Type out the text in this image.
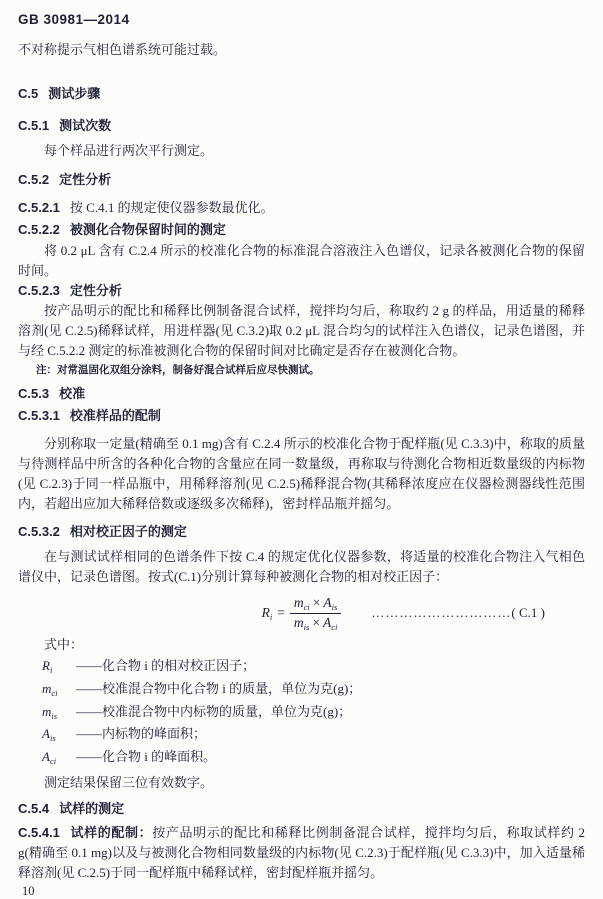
GB 30981—2014

不对称提示气相色谱系统可能过载。

C.5 测试步骤
C.5.1 测试次数

每个样品进行两次平行测定。

C.5.2 定性分析

C.5.2.1 按 C.4.1 的规定使仪器参数最优化。

C.5.2.2 被测化合物保留时间的测定

将 0.2 μL 含有 C.2.4 所示的校准化合物的标准混合溶液注入色谱仪，记录各被测化合物的保留时间。

C.5.2.3 定性分析

按产品明示的配比和稀释比例制备混合试样，搅拌均匀后，称取约 2 g 的样品，用适量的稀释溶剂(见 C.2.5)稀释试样，用进样器(见 C.3.2)取 0.2 μL 混合均匀的试样注入色谱仪，记录色谱图，并与经 C.5.2.2 测定的标准被测化合物的保留时间对比确定是否存在被测化合物。

注：对常温固化双组分涂料，制备好混合试样后应尽快测试。
C.5.3 校准
C.5.3.1 校准样品的配制

分别称取一定量(精确至 0.1 mg)含有 C.2.4 所示的校准化合物于配样瓶(见 C.3.3)中，称取的质量与待测样品中所含的各种化合物的含量应在同一数量级，再称取与待测化合物相近数量级的内标物(见 C.2.3)于同一样品瓶中，用稀释溶剂(见 C.2.5)稀释混合物(其稀释浓度应在仪器检测器线性范围内，若超出应加大稀释倍数或逐级多次稀释)，密封样品瓶并摇匀。

C.5.3.2 相对校正因子的测定

在与测试试样相同的色谱条件下按 C.4 的规定优化仪器参数，将适量的校准化合物注入气相色谱仪中，记录色谱图。按式(C.1)分别计算每种被测化合物的相对校正因子：

$R_i = \frac{m_{ci} \times A_{is}}{m_{is} \times A_{ci}}$ …………………………( C.1 )

式中：

$R_i$	——化合物 i 的相对校正因子；
$m_{ci}$	——校准混合物中化合物 i 的质量，单位为克(g)；
$m_{is}$	——校准混合物中内标物的质量，单位为克(g)；
$A_{is}$	——内标物的峰面积；
$A_{ci}$	——化合物 i 的峰面积。

测定结果保留三位有效数字。

C.5.4 试样的测定

C.5.4.1 试样的配制：按产品明示的配比和稀释比例制备混合试样，搅拌均匀后，称取试样约 2 g(精确至 0.1 mg)以及与被测化合物相同数量级的内标物(见 C.2.3)于配样瓶(见 C.3.3)中，加入适量稀释溶剂(见 C.2.5)于同一配样瓶中稀释试样，密封配样瓶并摇匀。

10
